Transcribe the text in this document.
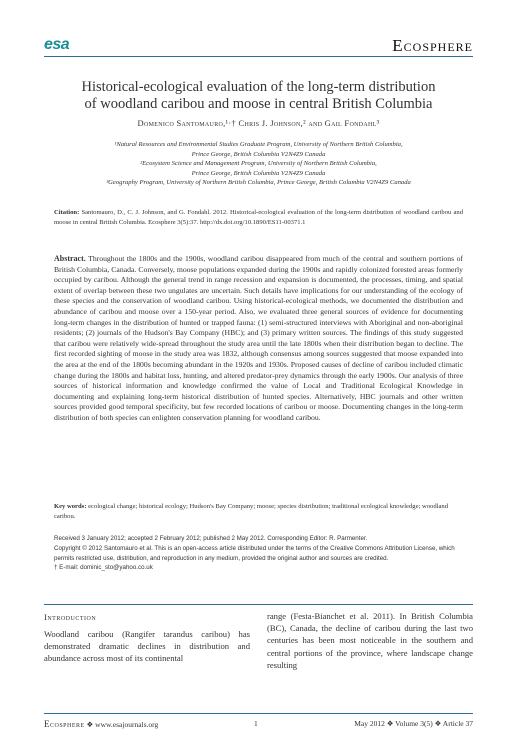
esa	Ecosphere
Historical-ecological evaluation of the long-term distribution
of woodland caribou and moose in central British Columbia
Domenico Santomauro,¹·† Chris J. Johnson,² and Gail Fondahl³
¹Natural Resources and Environmental Studies Graduate Program, University of Northern British Columbia,
Prince George, British Columbia V2N4Z9 Canada
²Ecosystem Science and Management Program, University of Northern British Columbia,
Prince George, British Columbia V2N4Z9 Canada
³Geography Program, University of Northern British Columbia, Prince George, British Columbia V2N4Z9 Canada
Citation: Santomauro, D., C. J. Johnson, and G. Fondahl. 2012. Historical-ecological evaluation of the long-term distribution of woodland caribou and moose in central British Columbia. Ecosphere 3(5):37. http://dx.doi.org/10.1890/ES11-00371.1
Abstract. Throughout the 1800s and the 1900s, woodland caribou disappeared from much of the central and southern portions of British Columbia, Canada. Conversely, moose populations expanded during the 1900s and rapidly colonized forested areas formerly occupied by caribou. Although the general trend in range recession and expansion is documented, the processes, timing, and spatial extent of overlap between these two ungulates are uncertain. Such details have implications for our understanding of the ecology of these species and the conservation of woodland caribou. Using historical-ecological methods, we documented the distribution and abundance of caribou and moose over a 150-year period. Also, we evaluated three general sources of evidence for documenting long-term changes in the distribution of hunted or trapped fauna: (1) semi-structured interviews with Aboriginal and non-aboriginal residents; (2) journals of the Hudson's Bay Company (HBC); and (3) primary written sources. The findings of this study suggested that caribou were relatively wide-spread throughout the study area until the late 1800s when their distribution began to decline. The first recorded sighting of moose in the study area was 1832, although consensus among sources suggested that moose expanded into the area at the end of the 1800s becoming abundant in the 1920s and 1930s. Proposed causes of decline of caribou included climatic change during the 1800s and habitat loss, hunting, and altered predator-prey dynamics through the early 1900s. Our analysis of three sources of historical information and knowledge confirmed the value of Local and Traditional Ecological Knowledge in documenting and explaining long-term historical distribution of hunted species. Alternatively, HBC journals and other written sources provided good temporal specificity, but few recorded locations of caribou or moose. Documenting changes in the long-term distribution of both species can enlighten conservation planning for woodland caribou.
Key words: ecological change; historical ecology; Hudson's Bay Company; moose; species distribution; traditional ecological knowledge; woodland caribou.
Received 3 January 2012; accepted 2 February 2012; published 2 May 2012. Corresponding Editor: R. Parmenter.
Copyright © 2012 Santomauro et al. This is an open-access article distributed under the terms of the Creative Commons Attribution License, which permits restricted use, distribution, and reproduction in any medium, provided the original author and sources are credited.
† E-mail: dominic_sto@yahoo.co.uk
Introduction
Woodland caribou (Rangifer tarandus caribou) has demonstrated dramatic declines in distribution and abundance across most of its continental
range (Festa-Bianchet et al. 2011). In British Columbia (BC), Canada, the decline of caribou during the last two centuries has been most noticeable in the southern and central portions of the province, where landscape change resulting
Ecosphere ❖ www.esajournals.org	1	May 2012 ❖ Volume 3(5) ❖ Article 37
